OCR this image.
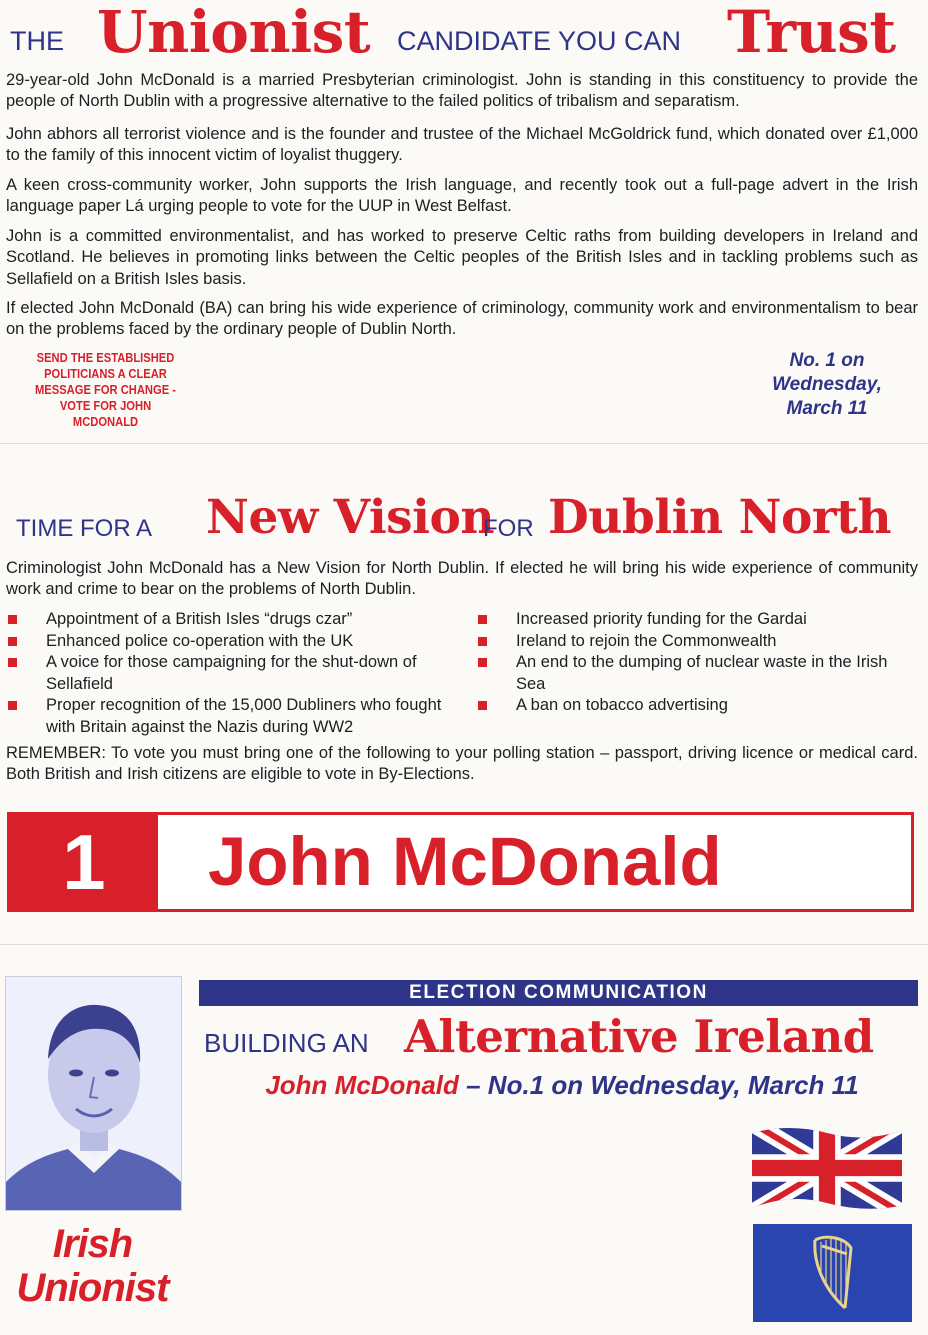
THE Unionist CANDIDATE YOU CAN Trust

29-year-old John McDonald is a married Presbyterian criminologist. John is standing in this constituency to provide the people of North Dublin with a progressive alternative to the failed politics of tribalism and separatism.

John abhors all terrorist violence and is the founder and trustee of the Michael McGoldrick fund, which donated over £1,000 to the family of this innocent victim of loyalist thuggery.

A keen cross-community worker, John supports the Irish language, and recently took out a full-page advert in the Irish language paper Lá urging people to vote for the UUP in West Belfast.

John is a committed environmentalist, and has worked to preserve Celtic raths from building developers in Ireland and Scotland. He believes in promoting links between the Celtic peoples of the British Isles and in tackling problems such as Sellafield on a British Isles basis.

If elected John McDonald (BA) can bring his wide experience of criminology, community work and environmentalism to bear on the problems faced by the ordinary people of Dublin North.

SEND THE ESTABLISHED
POLITICIANS A CLEAR
MESSAGE FOR CHANGE -
VOTE FOR JOHN MCDONALD
No. 1 on
Wednesday,
March 11
TIME FOR A New Vision
FOR Dublin North

Criminologist John McDonald has a New Vision for North Dublin. If elected he will bring his wide experience of community work and crime to bear on the problems of North Dublin.

Appointment of a British Isles “drugs czar”
Enhanced police co-operation with the UK
A voice for those campaigning for the shut-down of Sellafield
Proper recognition of the 15,000 Dubliners who fought with Britain against the Nazis during WW2
Increased priority funding for the Gardai
Ireland to rejoin the Commonwealth
An end to the dumping of nuclear waste in the Irish Sea
A ban on tobacco advertising

REMEMBER: To vote you must bring one of the following to your polling station – passport, driving licence or medical card. Both British and Irish citizens are eligible to vote in By-Elections.

1	John McDonald
Irish
Unionist
ELECTION COMMUNICATION
BUILDING AN Alternative Ireland
John McDonald – No.1 on Wednesday, March 11
